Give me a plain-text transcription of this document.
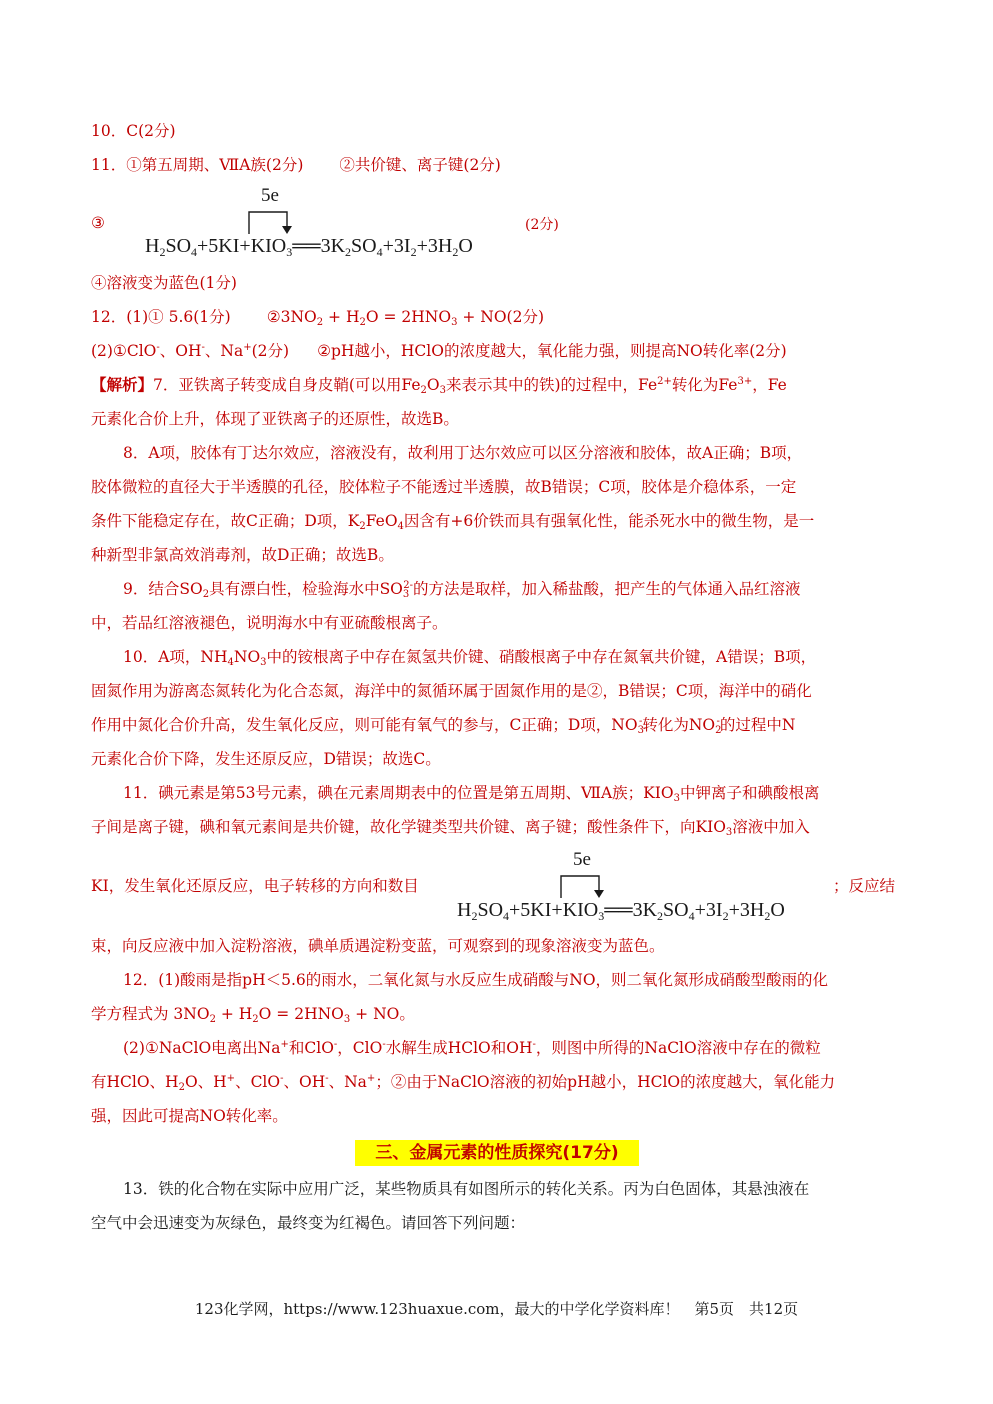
10．C(2分)
11．①第五周期、ⅦA族(2分) ②共价键、离子键(2分)
③	(2分)
5e
$H_2SO_4+5KI+KIO_3══3K_2SO_4+3I_2+3H_2O$
④溶液变为蓝色(1分)
12．(1)① 5.6(1分) $②3NO_2 + H_2O = 2HNO_3 + NO(2$分)
(2)①ClO-、OH-、Na+(2分) ②pH越小，HClO的浓度越大，氧化能力强，则提高NO转化率(2分)
【解析】7．亚铁离子转变成自身皮鞘(可以用$Fe_2O_3$来表示其中的铁)的过程中，$Fe^{2+}$转化为$Fe^{3+}$，Fe
元素化合价上升，体现了亚铁离子的还原性，故选B。
8．A项，胶体有丁达尔效应，溶液没有，故利用丁达尔效应可以区分溶液和胶体，故A正确；B项，
胶体微粒的直径大于半透膜的孔径，胶体粒子不能透过半透膜，故B错误；C项，胶体是介稳体系，一定
条件下能稳定存在，故C正确；D项，$K_2FeO_4$因含有+6价铁而具有强氧化性，能杀死水中的微生物，是一
种新型非氯高效消毒剂，故D正确；故选B。
9．结合$SO_2$具有漂白性，检验海水中$SO_3^{2-}$的方法是取样，加入稀盐酸，把产生的气体通入品红溶液
中，若品红溶液褪色，说明海水中有亚硫酸根离子。
10．A项，$NH_4NO_3$中的铵根离子中存在氮氢共价键、硝酸根离子中存在氮氧共价键，A错误；B项，
固氮作用为游离态氮转化为化合态氮，海洋中的氮循环属于固氮作用的是②，B错误；C项，海洋中的硝化
作用中氮化合价升高，发生氧化反应，则可能有氧气的参与，C正确；D项，$NO_3^-$转化为$NO_2^-$的过程中N
元素化合价下降，发生还原反应，D错误；故选C。
11．碘元素是第53号元素，碘在元素周期表中的位置是第五周期、ⅦA族；$KIO_3$中钾离子和碘酸根离
子间是离子键，碘和氧元素间是共价键，故化学键类型共价键、离子键；酸性条件下，向$KIO_3$溶液中加入
KI，发生氧化还原反应，电子转移的方向和数目	；反应结
5e
$H_2SO_4+5KI+KIO_3══3K_2SO_4+3I_2+3H_2O$
束，向反应液中加入淀粉溶液，碘单质遇淀粉变蓝，可观察到的现象溶液变为蓝色。
12．(1)酸雨是指pH＜5.6的雨水，二氧化氮与水反应生成硝酸与NO，则二氧化氮形成硝酸型酸雨的化
学方程式为 $3NO_2 + H_2O = 2HNO_3$ + NO。
(2)①NaClO电离出Na+和ClO-，ClO-水解生成HClO和OH-，则图中所得的NaClO溶液中存在的微粒
有HClO、$H_2O$、H+、ClO-、OH-、Na+；②由于NaClO溶液的初始pH越小，HClO的浓度越大，氧化能力
强，因此可提高NO转化率。
三、金属元素的性质探究(17分)
13．铁的化合物在实际中应用广泛，某些物质具有如图所示的转化关系。丙为白色固体，其悬浊液在
空气中会迅速变为灰绿色，最终变为红褐色。请回答下列问题：
123化学网，https://www.123huaxue.com，最大的中学化学资料库！　第5页　共12页
